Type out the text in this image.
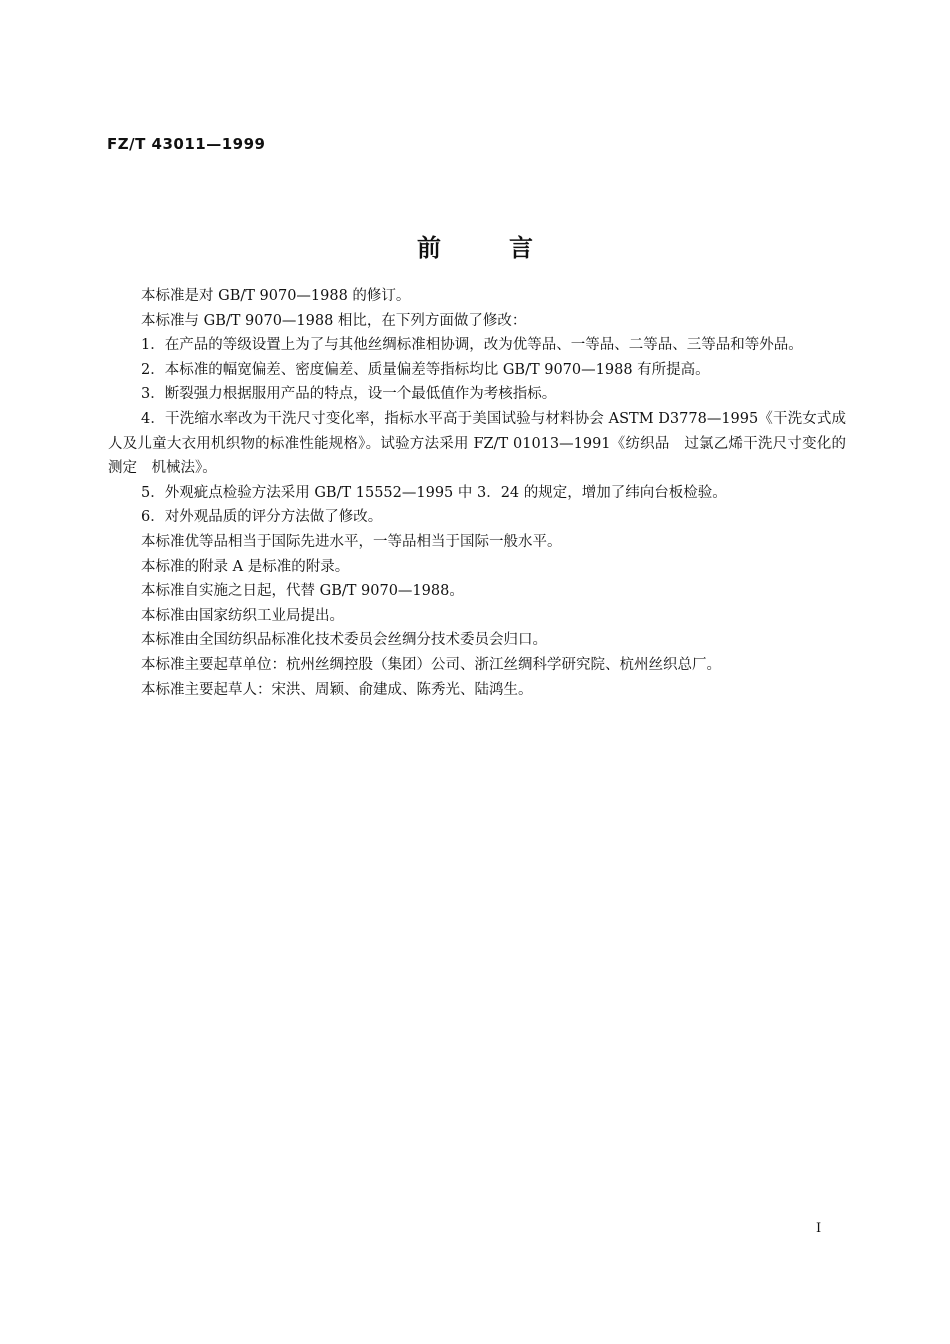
FZ/T 43011—1999
前言

本标准是对 GB/T 9070—1988 的修订。

本标准与 GB/T 9070—1988 相比，在下列方面做了修改：

1．在产品的等级设置上为了与其他丝绸标准相协调，改为优等品、一等品、二等品、三等品和等外品。

2．本标准的幅宽偏差、密度偏差、质量偏差等指标均比 GB/T 9070—1988 有所提高。

3．断裂强力根据服用产品的特点，设一个最低值作为考核指标。

4．干洗缩水率改为干洗尺寸变化率，指标水平高于美国试验与材料协会 ASTM D3778—1995《干洗女式成人及儿童大衣用机织物的标准性能规格》。试验方法采用 FZ/T 01013—1991《纺织品　过氯乙烯干洗尺寸变化的测定　机械法》。

5．外观疵点检验方法采用 GB/T 15552—1995 中 3．24 的规定，增加了纬向台板检验。

6．对外观品质的评分方法做了修改。

本标准优等品相当于国际先进水平，一等品相当于国际一般水平。

本标准的附录 A 是标准的附录。

本标准自实施之日起，代替 GB/T 9070—1988。

本标准由国家纺织工业局提出。

本标准由全国纺织品标准化技术委员会丝绸分技术委员会归口。

本标准主要起草单位：杭州丝绸控股（集团）公司、浙江丝绸科学研究院、杭州丝织总厂。

本标准主要起草人：宋洪、周颖、俞建成、陈秀光、陆鸿生。

I
